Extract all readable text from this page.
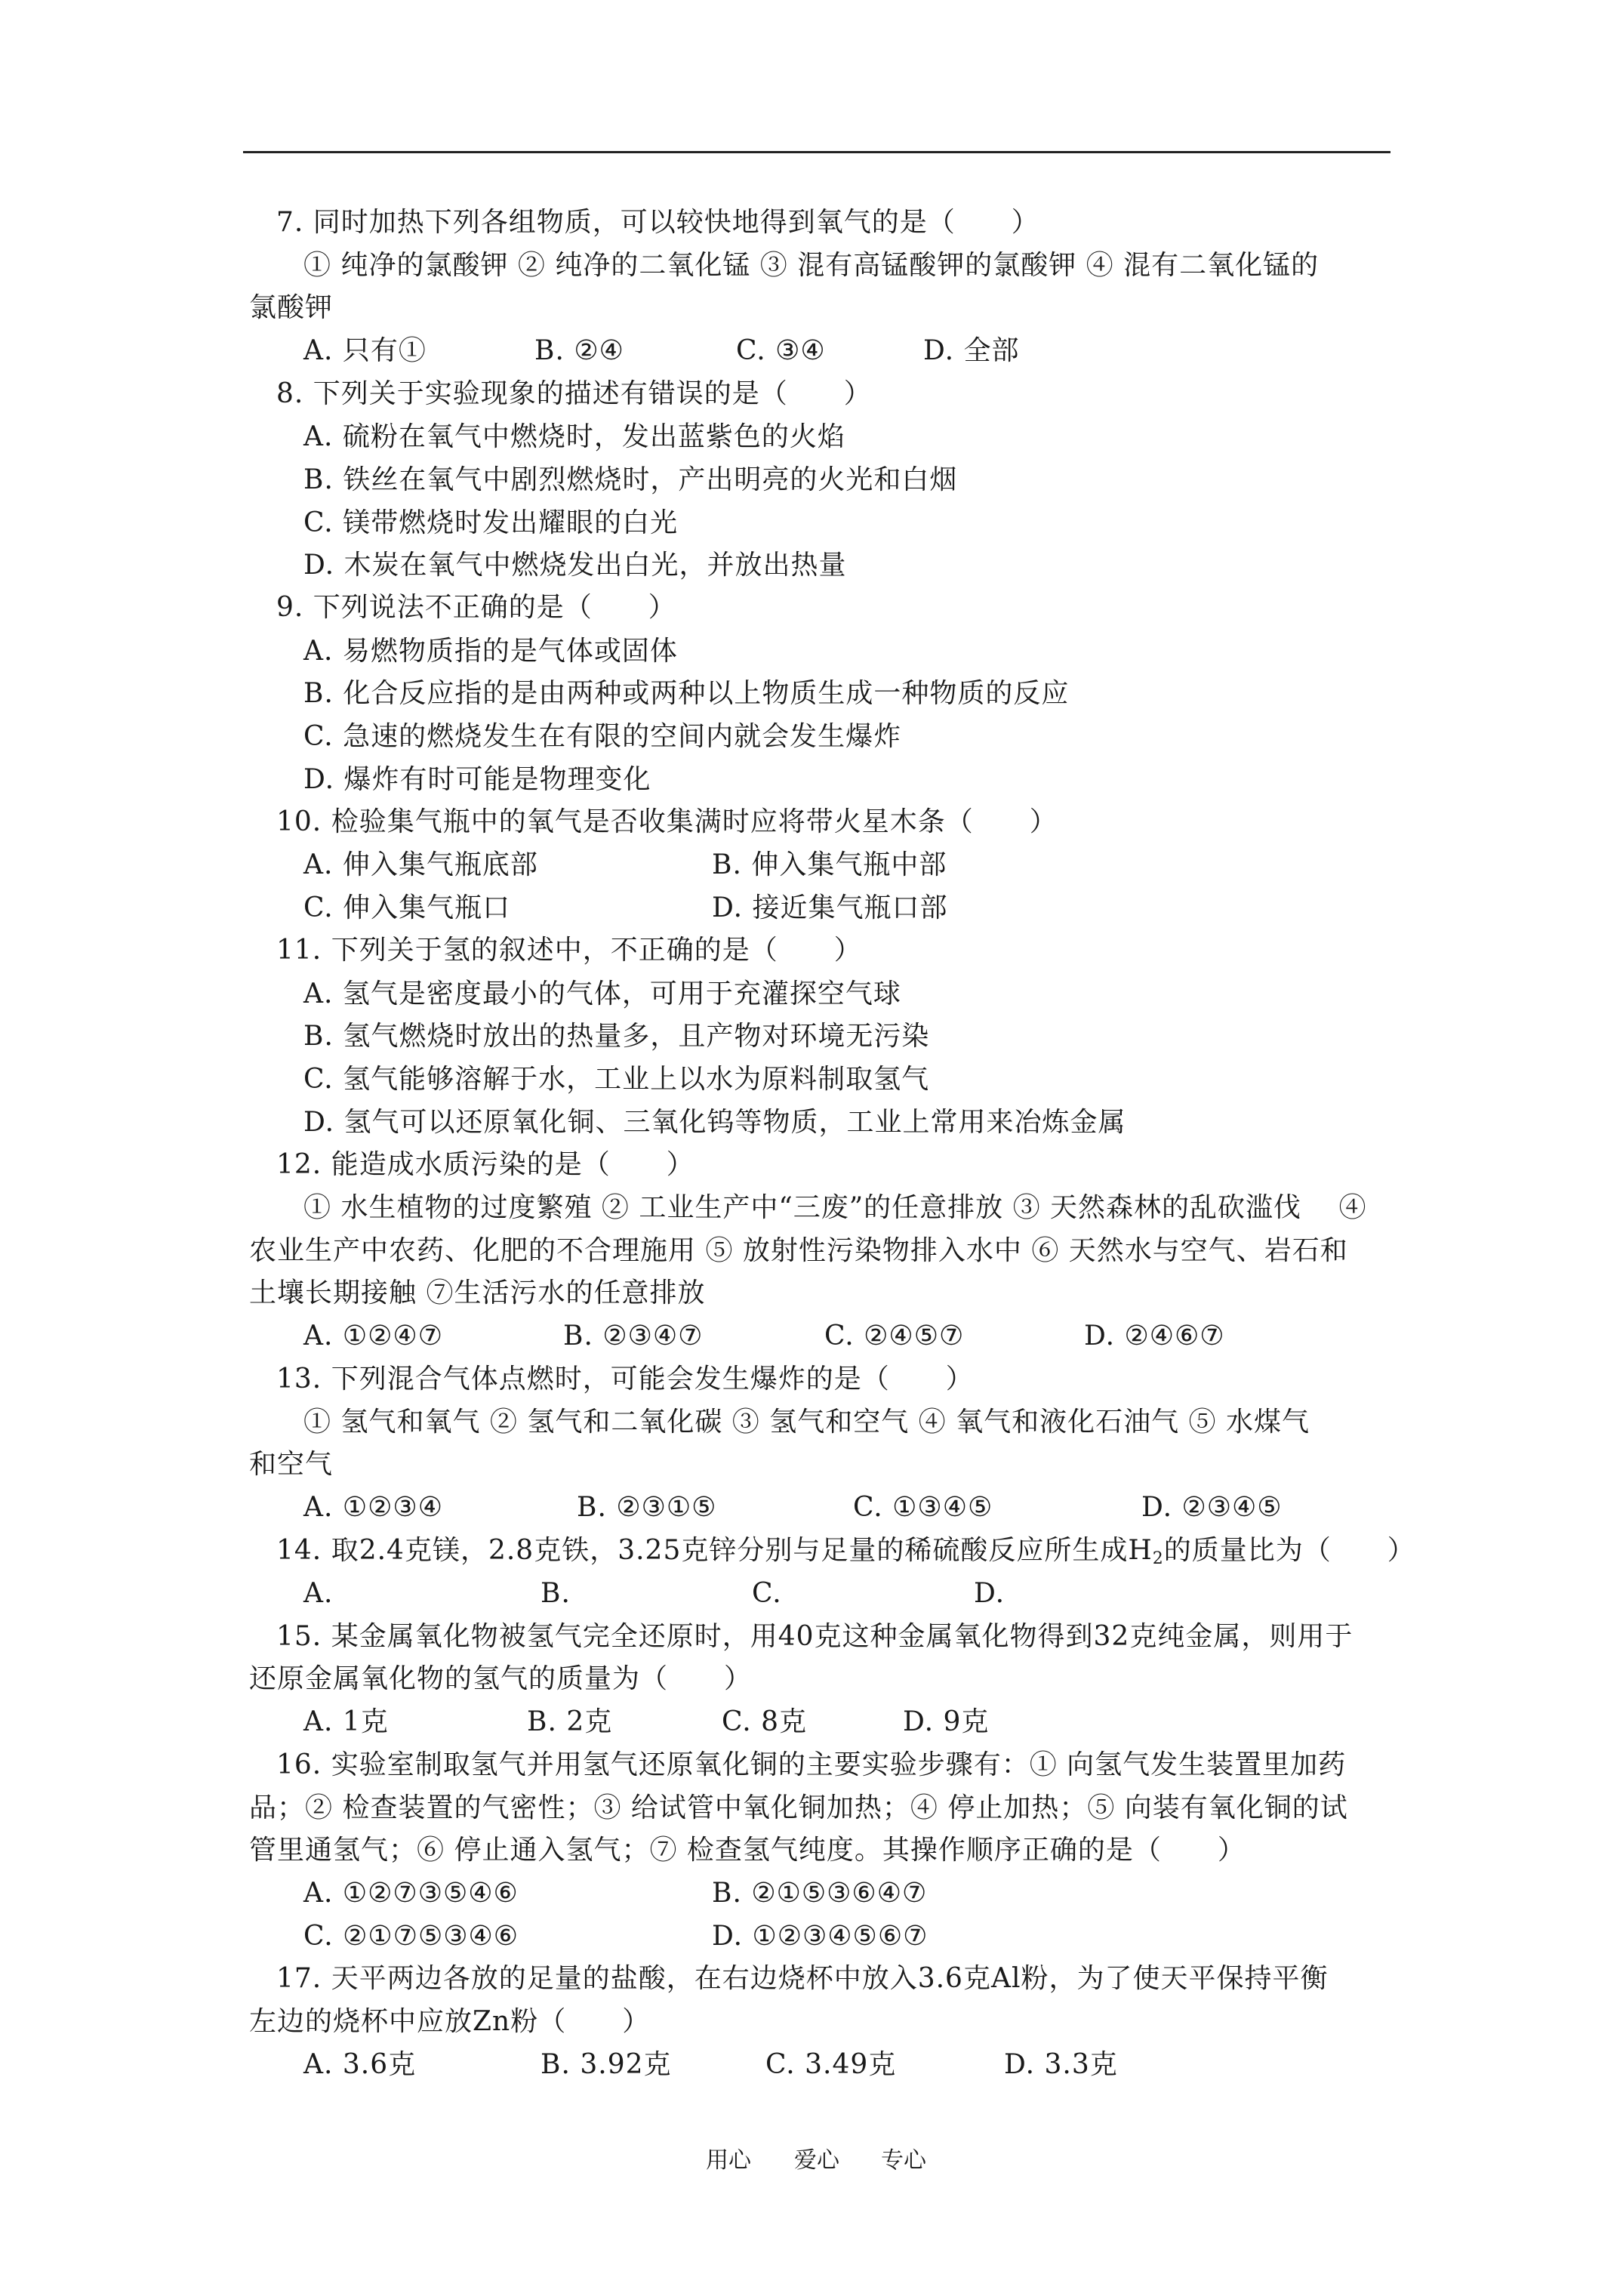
7. 同时加热下列各组物质，可以较快地得到氧气的是（　　）
① 纯净的氯酸钾 ② 纯净的二氧化锰 ③ 混有高锰酸钾的氯酸钾 ④ 混有二氧化锰的
氯酸钾
A. 只有①	B. ②④	C. ③④	D. 全部
8. 下列关于实验现象的描述有错误的是（　　）
A. 硫粉在氧气中燃烧时，发出蓝紫色的火焰
B. 铁丝在氧气中剧烈燃烧时，产出明亮的火光和白烟
C. 镁带燃烧时发出耀眼的白光
D. 木炭在氧气中燃烧发出白光，并放出热量
9. 下列说法不正确的是（　　）
A. 易燃物质指的是气体或固体
B. 化合反应指的是由两种或两种以上物质生成一种物质的反应
C. 急速的燃烧发生在有限的空间内就会发生爆炸
D. 爆炸有时可能是物理变化
10. 检验集气瓶中的氧气是否收集满时应将带火星木条（　　）
A. 伸入集气瓶底部	B. 伸入集气瓶中部
C. 伸入集气瓶口	D. 接近集气瓶口部
11. 下列关于氢的叙述中，不正确的是（　　）
A. 氢气是密度最小的气体，可用于充灌探空气球
B. 氢气燃烧时放出的热量多，且产物对环境无污染
C. 氢气能够溶解于水，工业上以水为原料制取氢气
D. 氢气可以还原氧化铜、三氧化钨等物质，工业上常用来冶炼金属
12. 能造成水质污染的是（　　）
① 水生植物的过度繁殖 ② 工业生产中“三废”的任意排放 ③ 天然森林的乱砍滥伐　 ④
农业生产中农药、化肥的不合理施用 ⑤ 放射性污染物排入水中 ⑥ 天然水与空气、岩石和
土壤长期接触 ⑦生活污水的任意排放
A. ①②④⑦	B. ②③④⑦	C. ②④⑤⑦	D. ②④⑥⑦
13. 下列混合气体点燃时，可能会发生爆炸的是（　　）
① 氢气和氧气 ② 氢气和二氧化碳 ③ 氢气和空气 ④ 氧气和液化石油气 ⑤ 水煤气
和空气
A. ①②③④	B. ②③①⑤	C. ①③④⑤	D. ②③④⑤
14. 取2.4克镁，2.8克铁，3.25克锌分别与足量的稀硫酸反应所生成$H_2$的质量比为（　　）
A.	B.	C.	D.
15. 某金属氧化物被氢气完全还原时，用40克这种金属氧化物得到32克纯金属，则用于
还原金属氧化物的氢气的质量为（　　）
A. 1克	B. 2克	C. 8克	D. 9克
16. 实验室制取氢气并用氢气还原氧化铜的主要实验步骤有：① 向氢气发生装置里加药
品；② 检查装置的气密性；③ 给试管中氧化铜加热；④ 停止加热；⑤ 向装有氧化铜的试
管里通氢气；⑥ 停止通入氢气；⑦ 检查氢气纯度。其操作顺序正确的是（　　）
A. ①②⑦③⑤④⑥	B. ②①⑤③⑥④⑦
C. ②①⑦⑤③④⑥	D. ①②③④⑤⑥⑦
17. 天平两边各放的足量的盐酸，在右边烧杯中放入3.6克Al粉，为了使天平保持平衡
左边的烧杯中应放Zn粉（　　）
A. 3.6克	B. 3.92克	C. 3.49克	D. 3.3克
用心 爱心 专心
